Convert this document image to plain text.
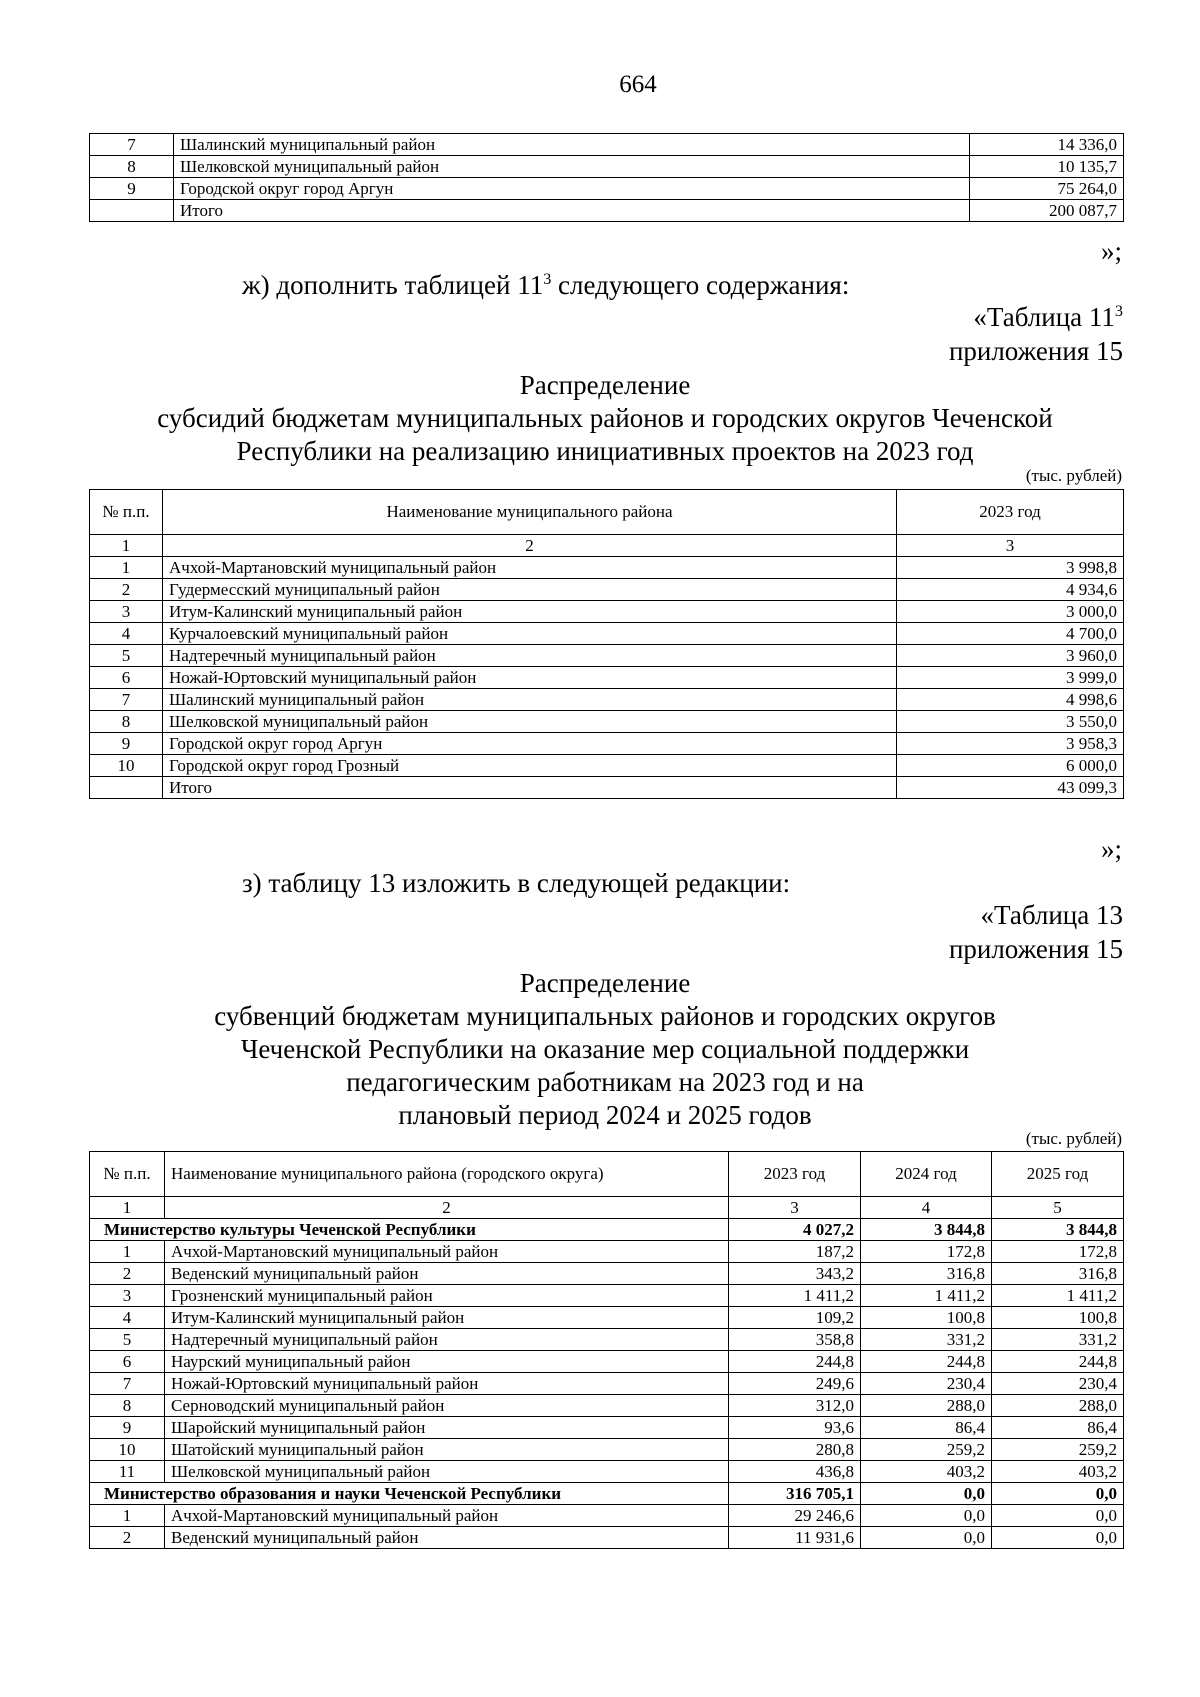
664
7	Шалинский муниципальный район	14 336,0
8	Шелковской муниципальный район	10 135,7
9	Городской округ город Аргун	75 264,0
	Итого	200 087,7
»;
ж) дополнить таблицей $11^3$ следующего содержания:
«Таблица $11^3$
приложения 15
Распределение
субсидий бюджетам муниципальных районов и городских округов Чеченской
Республики на реализацию инициативных проектов на 2023 год
(тыс. рублей)
№ п.п.	Наименование муниципального района	2023 год
1	2	3
1	Ачхой-Мартановский муниципальный район	3 998,8
2	Гудермесский муниципальный район	4 934,6
3	Итум-Калинский муниципальный район	3 000,0
4	Курчалоевский муниципальный район	4 700,0
5	Надтеречный муниципальный район	3 960,0
6	Ножай-Юртовский муниципальный район	3 999,0
7	Шалинский муниципальный район	4 998,6
8	Шелковской муниципальный район	3 550,0
9	Городской округ город Аргун	3 958,3
10	Городской округ город Грозный	6 000,0
	Итого	43 099,3
»;
з) таблицу 13 изложить в следующей редакции:
«Таблица 13
приложения 15
Распределение
субвенций бюджетам муниципальных районов и городских округов
Чеченской Республики на оказание мер социальной поддержки
педагогическим работникам на 2023 год и на
плановый период 2024 и 2025 годов
(тыс. рублей)
№ п.п.	Наименование муниципального района (городского округа)	2023 год	2024 год	2025 год
1	2	3	4	5
Министерство культуры Чеченской Республики		4 027,2	3 844,8	3 844,8
1	Ачхой-Мартановский муниципальный район	187,2	172,8	172,8
2	Веденский муниципальный район	343,2	316,8	316,8
3	Грозненский муниципальный район	1 411,2	1 411,2	1 411,2
4	Итум-Калинский муниципальный район	109,2	100,8	100,8
5	Надтеречный муниципальный район	358,8	331,2	331,2
6	Наурский муниципальный район	244,8	244,8	244,8
7	Ножай-Юртовский муниципальный район	249,6	230,4	230,4
8	Серноводский муниципальный район	312,0	288,0	288,0
9	Шаройский муниципальный район	93,6	86,4	86,4
10	Шатойский муниципальный район	280,8	259,2	259,2
11	Шелковской муниципальный район	436,8	403,2	403,2
Министерство образования и науки Чеченской Республики		316 705,1	0,0	0,0
1	Ачхой-Мартановский муниципальный район	29 246,6	0,0	0,0
2	Веденский муниципальный район	11 931,6	0,0	0,0
